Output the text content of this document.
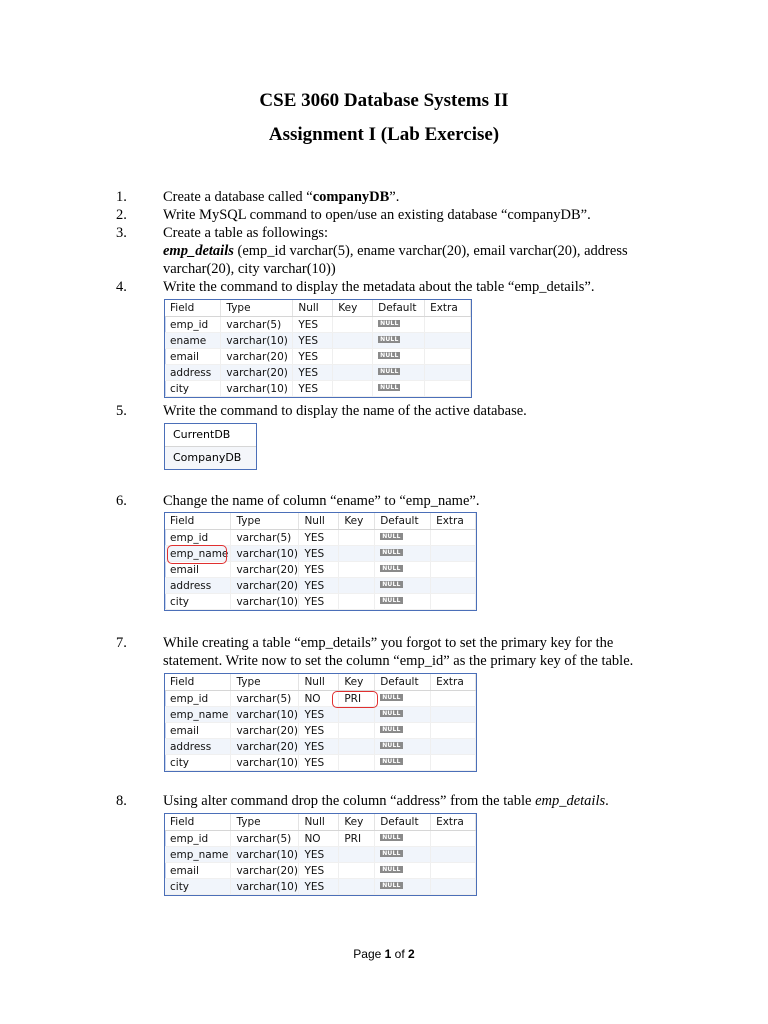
CSE 3060 Database Systems II
Assignment I (Lab Exercise)
1. Create a database called “companyDB”.
2. Write MySQL command to open/use an existing database “companyDB”.
3. Create a table as followings:
emp_details (emp_id varchar(5), ename varchar(20), email varchar(20), address
varchar(20), city varchar(10))
4. Write the command to display the metadata about the table “emp_details”.
Field	Type	Null	Key	Default	Extra
emp_id	varchar(5)	YES		NULL	
ename	varchar(10)	YES		NULL	
email	varchar(20)	YES		NULL	
address	varchar(20)	YES		NULL	
city	varchar(10)	YES		NULL	
5. Write the command to display the name of the active database.
CurrentDB
CompanyDB
6. Change the name of column “ename” to “emp_name”.
Field	Type	Null	Key	Default	Extra
emp_id	varchar(5)	YES		NULL	
emp_name	varchar(10)	YES		NULL	
email	varchar(20)	YES		NULL	
address	varchar(20)	YES		NULL	
city	varchar(10)	YES		NULL	
7. While creating a table “emp_details” you forgot to set the primary key for the
statement. Write now to set the column “emp_id” as the primary key of the table.
Field	Type	Null	Key	Default	Extra
emp_id	varchar(5)	NO	PRI	NULL	
emp_name	varchar(10)	YES		NULL	
email	varchar(20)	YES		NULL	
address	varchar(20)	YES		NULL	
city	varchar(10)	YES		NULL	
8. Using alter command drop the column “address” from the table emp_details.
Field	Type	Null	Key	Default	Extra
emp_id	varchar(5)	NO	PRI	NULL	
emp_name	varchar(10)	YES		NULL	
email	varchar(20)	YES		NULL	
city	varchar(10)	YES		NULL	
Page 1 of 2
